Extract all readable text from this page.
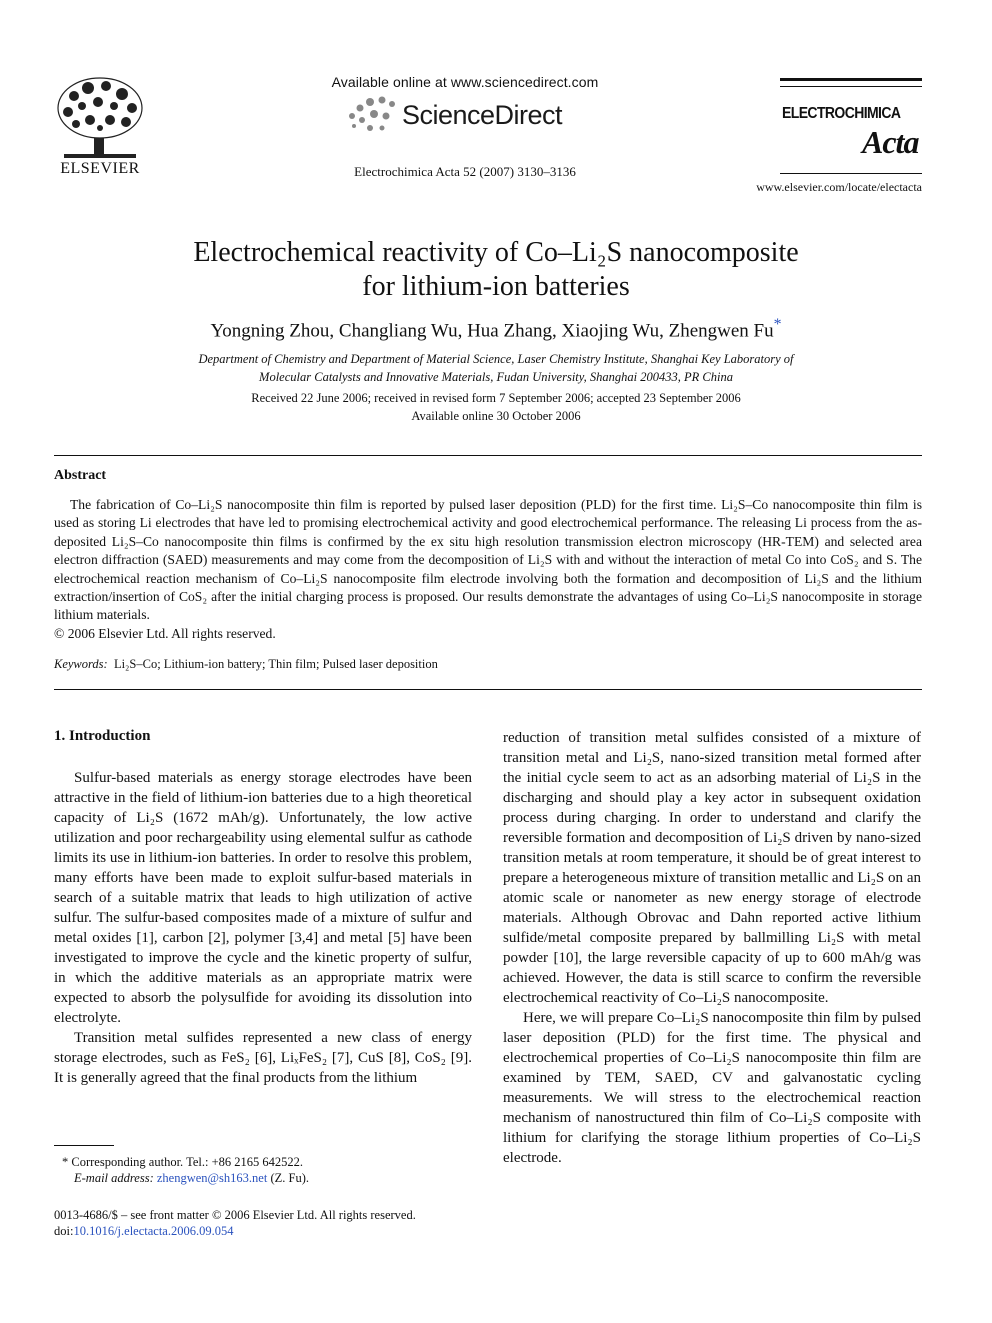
ELSEVIER
Available online at www.sciencedirect.com
ScienceDirect
Electrochimica Acta 52 (2007) 3130–3136
ELECTROCHIMICA
Acta
www.elsevier.com/locate/electacta
Electrochemical reactivity of Co–Li₂S nanocomposite
for lithium-ion batteries
Yongning Zhou, Changliang Wu, Hua Zhang, Xiaojing Wu, Zhengwen Fu*
Department of Chemistry and Department of Material Science, Laser Chemistry Institute, Shanghai Key Laboratory of
Molecular Catalysts and Innovative Materials, Fudan University, Shanghai 200433, PR China
Received 22 June 2006; received in revised form 7 September 2006; accepted 23 September 2006
Available online 30 October 2006
Abstract

The fabrication of Co–Li₂S nanocomposite thin film is reported by pulsed laser deposition (PLD) for the first time. Li₂S–Co nanocomposite thin film is used as storing Li electrodes that have led to promising electrochemical activity and good electrochemical performance. The releasing Li process from the as-deposited Li₂S–Co nanocomposite thin films is confirmed by the ex situ high resolution transmission electron microscopy (HR-TEM) and selected area electron diffraction (SAED) measurements and may come from the decomposition of Li₂S with and without the interaction of metal Co into CoS₂ and S. The electrochemical reaction mechanism of Co–Li₂S nanocomposite film electrode involving both the formation and decomposition of Li₂S and the lithium extraction/insertion of CoS₂ after the initial charging process is proposed. Our results demonstrate the advantages of using Co–Li₂S nanocomposite in storage lithium materials.

© 2006 Elsevier Ltd. All rights reserved.
Keywords: Li₂S–Co; Lithium-ion battery; Thin film; Pulsed laser deposition
1. Introduction

Sulfur-based materials as energy storage electrodes have been attractive in the field of lithium-ion batteries due to a high theoretical capacity of Li₂S (1672 mAh/g). Unfortunately, the low active utilization and poor rechargeability using elemental sulfur as cathode limits its use in lithium-ion batteries. In order to resolve this problem, many efforts have been made to exploit sulfur-based materials in search of a suitable matrix that leads to high utilization of active sulfur. The sulfur-based composites made of a mixture of sulfur and metal oxides [1], carbon [2], polymer [3,4] and metal [5] have been investigated to improve the cycle and the kinetic property of sulfur, in which the additive materials as an appropriate matrix were expected to absorb the polysulfide for avoiding its dissolution into electrolyte.

Transition metal sulfides represented a new class of energy storage electrodes, such as FeS₂ [6], LiₓFeS₂ [7], CuS [8], CoS₂ [9]. It is generally agreed that the final products from the lithium

reduction of transition metal sulfides consisted of a mixture of transition metal and Li₂S, nano-sized transition metal formed after the initial cycle seem to act as an adsorbing material of Li₂S in the discharging and should play a key actor in subsequent oxidation process during charging. In order to understand and clarify the reversible formation and decomposition of Li₂S driven by nano-sized transition metals at room temperature, it should be of great interest to prepare a heterogeneous mixture of transition metallic and Li₂S on an atomic scale or nanometer as new energy storage of electrode materials. Although Obrovac and Dahn reported active lithium sulfide/metal composite prepared by ballmilling Li₂S with metal powder [10], the large reversible capacity of up to 600 mAh/g was achieved. However, the data is still scarce to confirm the reversible electrochemical reactivity of Co–Li₂S nanocomposite.

Here, we will prepare Co–Li₂S nanocomposite thin film by pulsed laser deposition (PLD) for the first time. The physical and electrochemical properties of Co–Li₂S nanocomposite thin film are examined by TEM, SAED, CV and galvanostatic cycling measurements. We will stress to the electrochemical reaction mechanism of nanostructured thin film of Co–Li₂S composite with lithium for clarifying the storage lithium properties of Co–Li₂S electrode.

* Corresponding author. Tel.: +86 2165 642522.
E-mail address: zhengwen@sh163.net (Z. Fu).
0013-4686/$ – see front matter © 2006 Elsevier Ltd. All rights reserved.
doi:10.1016/j.electacta.2006.09.054
